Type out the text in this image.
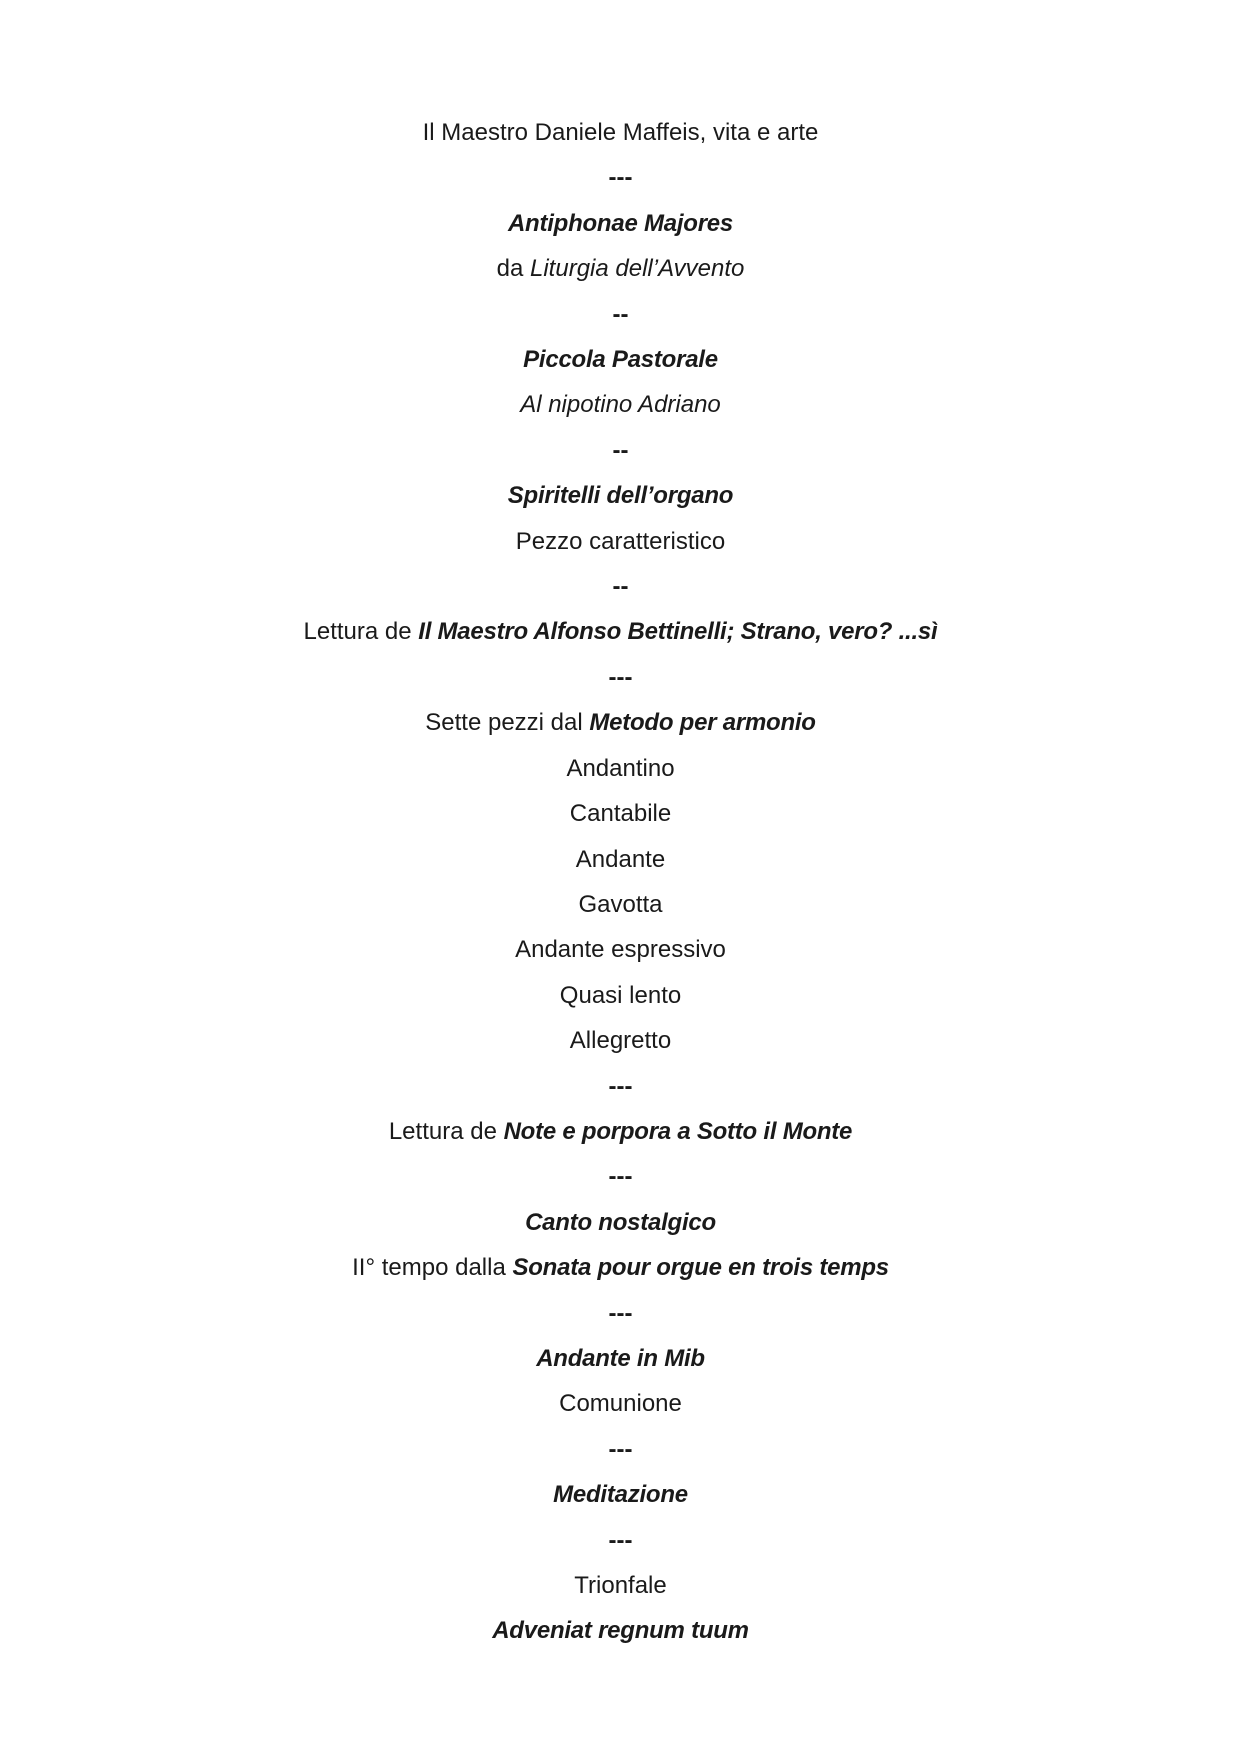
Il Maestro Daniele Maffeis, vita e arte

---

Antiphonae Majores

da Liturgia dell’Avvento

--

Piccola Pastorale

Al nipotino Adriano

--

Spiritelli dell’organo

Pezzo caratteristico

--

Lettura de Il Maestro Alfonso Bettinelli; Strano, vero? ...sì

---

Sette pezzi dal Metodo per armonio

Andantino

Cantabile

Andante

Gavotta

Andante espressivo

Quasi lento

Allegretto

---

Lettura de Note e porpora a Sotto il Monte

---

Canto nostalgico

II° tempo dalla Sonata pour orgue en trois temps

---

Andante in Mib

Comunione

---

Meditazione

---

Trionfale

Adveniat regnum tuum
